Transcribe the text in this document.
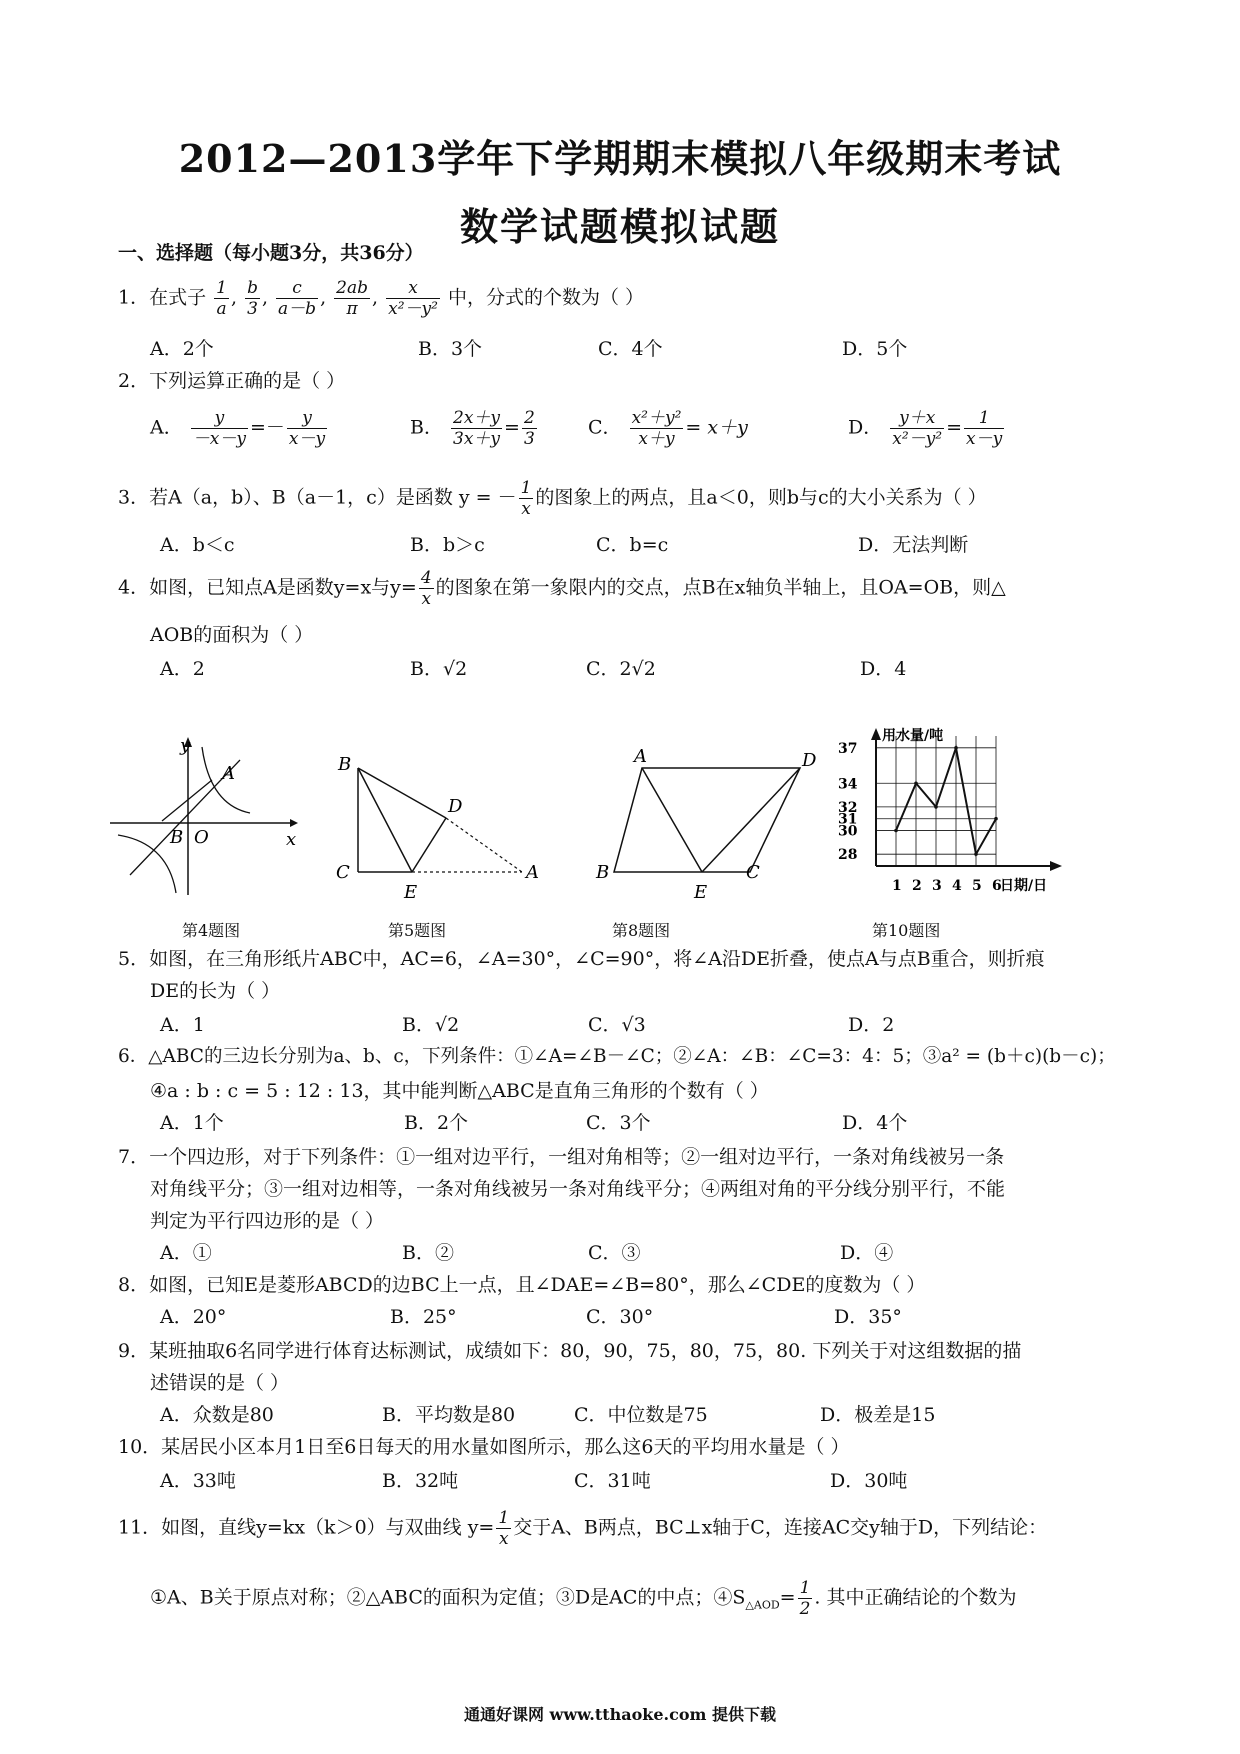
2012—2013学年下学期期末模拟八年级期末考试
数学试题模拟试题
一、选择题（每小题3分，共36分）
1．在式子 $\frac{1}{a}$ , $\frac{b}{3}$ , $\frac{c}{a-b}$ , $\frac{2ab}{\pi}$ , $\frac{x}{\text{x²－y²}}$ 中，分式的个数为（ ）
A．2个	B．3个	C．4个	D．5个
2．下列运算正确的是（ ）
A． $\frac{y}{-x-y} =- \frac{y}{x-y}$	B． $\frac{2x+y}{3x+y} = \frac{2}{3}$	C． $\frac{\text{x²＋y²}}{x+y} = x+y$	D． $\frac{y+x}{\text{x²－y²}} = \frac{1}{x-y}$
3．若A（a，b）、B（a－1，c）是函数 y = － $\frac{1}{x}$ 的图象上的两点，且a＜0，则b与c的大小关系为（ ）
A．b＜c	B．b＞c	C．b=c	D．无法判断
4．如图，已知点A是函数y=x与$y= \frac{4}{x}$ 的图象在第一象限内的交点，点B在x轴负半轴上，且OA=OB，则△
AOB的面积为（ ）
A．2	B．√2	C．2√2	D．4
y
x
A
B O
B
D
C
E
A
A	D
B
E
C
28
30
31
32
34
37
用水量/吨
1 2 3 4 5 6
日期/日
第4题图	第5题图	第8题图	第10题图
5．如图，在三角形纸片ABC中，AC=6，∠A=30°，∠C=90°，将∠A沿DE折叠，使点A与点B重合，则折痕
DE的长为（ ）
A．1	B．√2	C．√3	D．2
6．△ABC的三边长分别为a、b、c，下列条件：①∠A=∠B－∠C；②∠A：∠B：∠C=3：4：5；③a² = (b＋c)(b－c)；
④a : b : c = 5 : 12 : 13，其中能判断△ABC是直角三角形的个数有（ ）
A．1个	B．2个	C．3个	D．4个
7．一个四边形，对于下列条件：①一组对边平行，一组对角相等；②一组对边平行，一条对角线被另一条
对角线平分；③一组对边相等，一条对角线被另一条对角线平分；④两组对角的平分线分别平行，不能
判定为平行四边形的是（ ）
A．①	B．②	C．③	D．④
8．如图，已知E是菱形ABCD的边BC上一点，且∠DAE=∠B=80°，那么∠CDE的度数为（ ）
A．20°	B．25°	C．30°	D．35°
9．某班抽取6名同学进行体育达标测试，成绩如下：80，90，75，80，75，80. 下列关于对这组数据的描
述错误的是（ ）
A．众数是80	B．平均数是80	C．中位数是75	D．极差是15
10．某居民小区本月1日至6日每天的用水量如图所示，那么这6天的平均用水量是（ ）
A．33吨	B．32吨	C．31吨	D．30吨
11．如图，直线y=kx（k＞0）与双曲线 $y= \frac{1}{x}$ 交于A、B两点，BC⊥x轴于C，连接AC交y轴于D，下列结论：
①A、B关于原点对称；②△ABC的面积为定值；③D是AC的中点；$④S_{\triangle AOD}= \frac{1}{2}$ . 其中正确结论的个数为
通通好课网 www.tthaoke.com 提供下载
